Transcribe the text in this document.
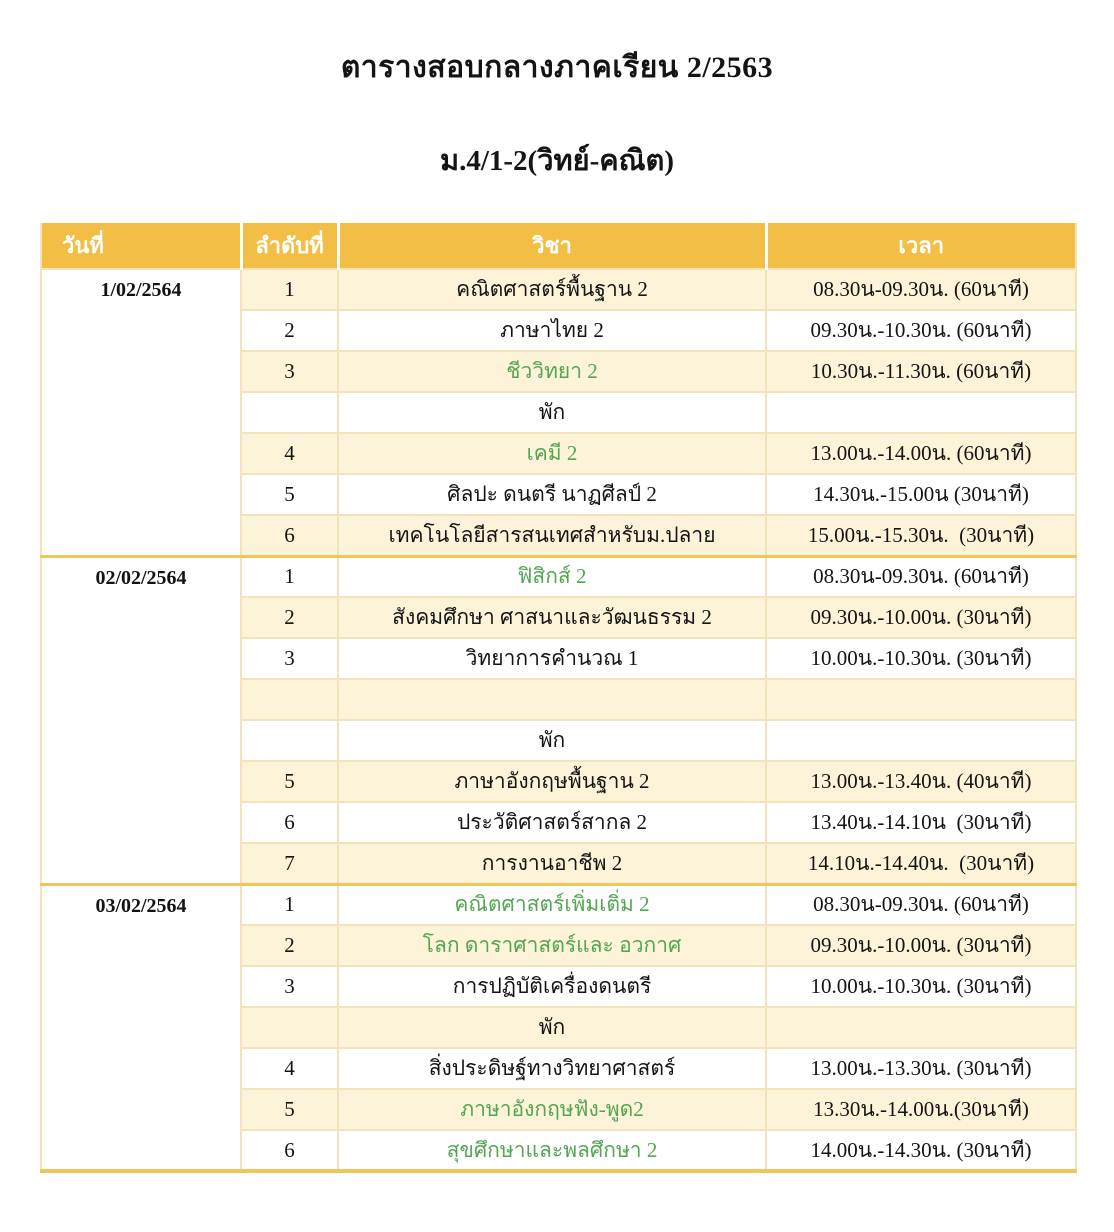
ตารางสอบกลางภาคเรียน 2/2563
ม.4/1-2(วิทย์-คณิต)
วันที่	ลำดับที่	วิชา	เวลา
1/02/2564	1	คณิตศาสตร์พื้นฐาน 2	08.30น-09.30น. (60นาที)
	2	ภาษาไทย 2	09.30น.-10.30น. (60นาที)
	3	ชีววิทยา 2	10.30น.-11.30น. (60นาที)
		พัก	
	4	เคมี 2	13.00น.-14.00น. (60นาที)
	5	ศิลปะ ดนตรี นาฏศีลป์ 2	14.30น.-15.00น (30นาที)
	6	เทคโนโลยีสารสนเทศสำหรับม.ปลาย	15.00น.-15.30น.  (30นาที)
02/02/2564	1	ฟิสิกส์ 2	08.30น-09.30น. (60นาที)
	2	สังคมศึกษา ศาสนาและวัฒนธรรม 2	09.30น.-10.00น. (30นาที)
	3	วิทยาการคำนวณ 1	10.00น.-10.30น. (30นาที)

		พัก	
	5	ภาษาอังกฤษพื้นฐาน 2	13.00น.-13.40น. (40นาที)
	6	ประวัติศาสตร์สากล 2	13.40น.-14.10น  (30นาที)
	7	การงานอาชีพ 2	14.10น.-14.40น.  (30นาที)
03/02/2564	1	คณิตศาสตร์เพิ่มเติ่ม 2	08.30น-09.30น. (60นาที)
	2	โลก ดาราศาสตร์และ อวกาศ	09.30น.-10.00น. (30นาที)
	3	การปฏิบัติเครื่องดนตรี	10.00น.-10.30น. (30นาที)
		พัก	
	4	สิ่งประดิษฐ์ทางวิทยาศาสตร์	13.00น.-13.30น. (30นาที)
	5	ภาษาอังกฤษฟัง-พูด2	13.30น.-14.00น.(30นาที)
	6	สุขศึกษาและพลศึกษา 2	14.00น.-14.30น. (30นาที)
